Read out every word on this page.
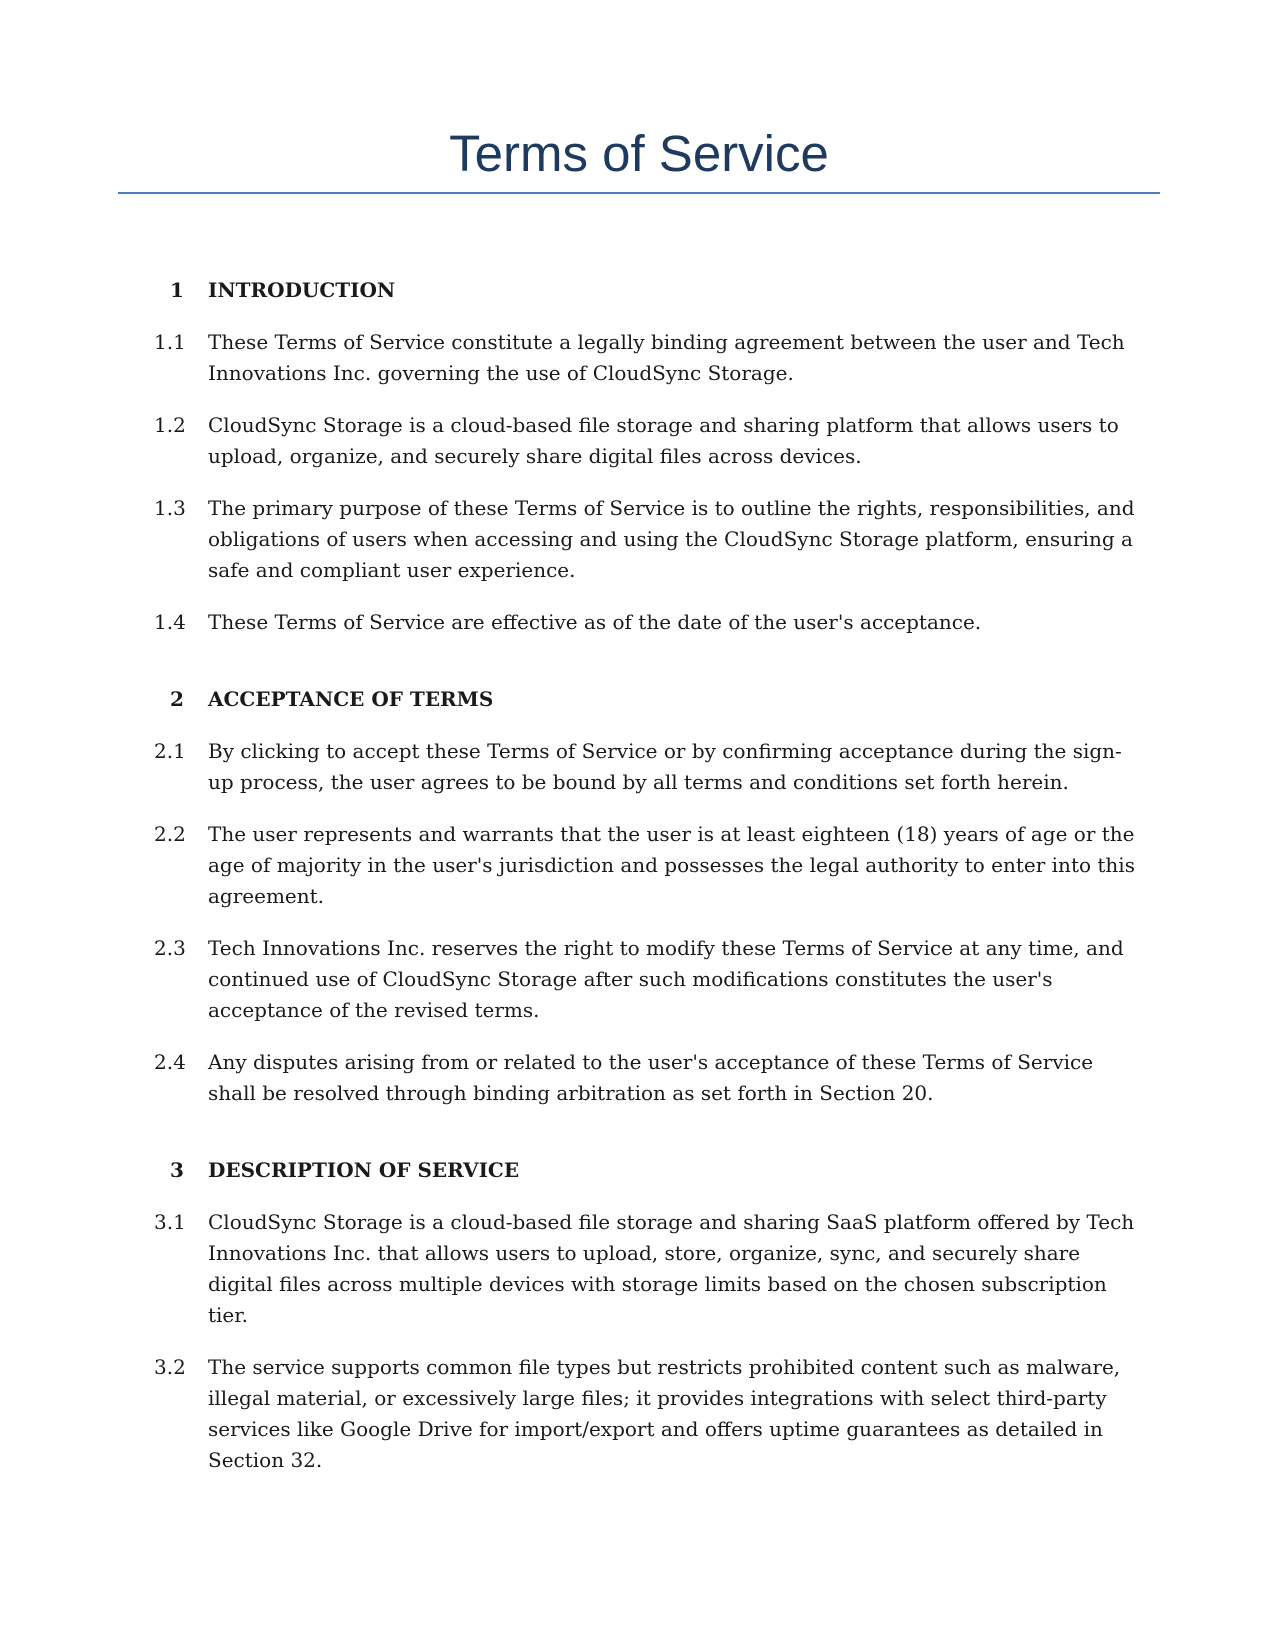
Terms of Service
1 INTRODUCTION
1.1 These Terms of Service constitute a legally binding agreement between the user and Tech Innovations Inc. governing the use of CloudSync Storage.

1.2 CloudSync Storage is a cloud-based file storage and sharing platform that allows users to upload, organize, and securely share digital files across devices.

1.3 The primary purpose of these Terms of Service is to outline the rights, responsibilities, and obligations of users when accessing and using the CloudSync Storage platform, ensuring a safe and compliant user experience.

1.4 These Terms of Service are effective as of the date of the user's acceptance.

2 ACCEPTANCE OF TERMS
2.1 By clicking to accept these Terms of Service or by confirming acceptance during the sign-up process, the user agrees to be bound by all terms and conditions set forth herein.

2.2 The user represents and warrants that the user is at least eighteen (18) years of age or the age of majority in the user's jurisdiction and possesses the legal authority to enter into this agreement.

2.3 Tech Innovations Inc. reserves the right to modify these Terms of Service at any time, and continued use of CloudSync Storage after such modifications constitutes the user's acceptance of the revised terms.

2.4 Any disputes arising from or related to the user's acceptance of these Terms of Service shall be resolved through binding arbitration as set forth in Section 20.

3 DESCRIPTION OF SERVICE
3.1 CloudSync Storage is a cloud-based file storage and sharing SaaS platform offered by Tech Innovations Inc. that allows users to upload, store, organize, sync, and securely share digital files across multiple devices with storage limits based on the chosen subscription tier.

3.2 The service supports common file types but restricts prohibited content such as malware, illegal material, or excessively large files; it provides integrations with select third-party services like Google Drive for import/export and offers uptime guarantees as detailed in Section 32.
